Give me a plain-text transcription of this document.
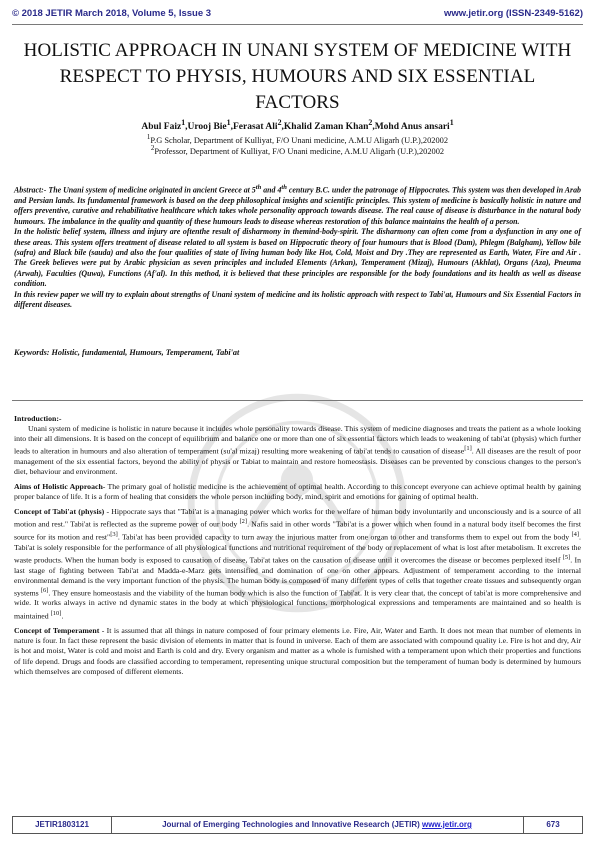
© 2018 JETIR March 2018, Volume 5, Issue 3	www.jetir.org (ISSN-2349-5162)
HOLISTIC APPROACH IN UNANI SYSTEM OF MEDICINE WITH RESPECT TO PHYSIS, HUMOURS AND SIX ESSENTIAL FACTORS
Abul Faiz$^1$,Urooj Bie$^1$,Ferasat Ali$^2$,Khalid Zaman Khan$^2$,Mohd Anus ansari$^1$
$^1$P.G Scholar, Department of Kulliyat, F/O Unani medicine, A.M.U Aligarh (U.P.),202002
$^2$Professor, Department of Kulliyat, F/O Unani medicine, A.M.U Aligarh (U.P.),202002

Abstract:- The Unani system of medicine originated in ancient Greece at 5th and 4th century B.C. under the patronage of Hippocrates. This system was then developed in Arab and Persian lands. Its fundamental framework is based on the deep philosophical insights and scientific principles. This system of medicine is basically holistic in nature and offers preventive, curative and rehabilitative healthcare which takes whole personality approach towards disease. The real cause of disease is disturbance in the natural body humours. The imbalance in the quality and quantity of these humours leads to disease whereas restoration of this balance maintains the health of a person.

In the holistic belief system, illness and injury are oftenthe result of disharmony in themind-body-spirit. The disharmony can often come from a dysfunction in any one of these areas. This system offers treatment of disease related to all system is based on Hippocratic theory of four humours that is Blood (Dam), Phlegm (Balgham), Yellow bile (safra) and Black bile (sauda) and also the four qualities of state of living human body like Hot, Cold, Moist and Dry .They are represented as Earth, Water, Fire and Air . The Greek believes were put by Arabic physician as seven principles and included Elements (Arkan), Temperament (Mizaj), Humours (Akhlat), Organs (Aza), Pneuma (Arwah), Faculties (Quwa), Functions (Af'al). In this method, it is believed that these principles are responsible for the body foundations and its health as well as disease condition.

In this review paper we will try to explain about strengths of Unani system of medicine and its holistic approach with respect to Tabi'at, Humours and Six Essential Factors in different diseases.

Keywords: Holistic, fundamental, Humours, Temperament, Tabi'at

Introduction:-
Unani system of medicine is holistic in nature because it includes whole personality towards disease. This system of medicine diagnoses and treats the patient as a whole looking into their all dimensions. It is based on the concept of equilibrium and balance one or more than one of six essential factors which leads to weakening of tabi'at (physis) which further leads to alteration in humours and also alteration of temperament (su'al mizaj) resulting more weakening of tabi'at tends to causation of disease[1]. All diseases are the result of poor management of the six essential factors, beyond the ability of physis or Tabiat to maintain and restore homeostasis. Diseases can be prevented by conscious changes to the person's diet, behaviour and environment.

Aims of Holistic Approach- The primary goal of holistic medicine is the achievement of optimal health. According to this concept everyone can achieve optimal health by gaining proper balance of life. It is a form of healing that considers the whole person including body, mind, spirit and emotions for gaining of optimal health.

Concept of Tabi'at (physis) - Hippocrate says that "Tabi'at is a managing power which works for the welfare of human body involuntarily and unconsciously and is a source of all motion and rest." Tabi'at is reflected as the supreme power of our body [2]. Nafis said in other words "Tabi'at is a power which when found in a natural body itself becomes the first source for its motion and rest"[3]. Tabi'at has been provided capacity to turn away the injurious matter from one organ to other and transforms them to expel out from the body [4]. Tabi'at is solely responsible for the performance of all physiological functions and nutritional requirement of the body or replacement of what is lost after metabolism. It excretes the waste products. When the human body is exposed to causation of disease, Tabi'at takes on the causation of disease until it overcomes the disease or becomes perplexed itself [5]. In last stage of fighting between Tabi'at and Madda-e-Marz gets intensified and domination of one on other appears. Adjustment of temperament according to the internal environmental demand is the very important function of the physis. The human body is composed of many different types of cells that together create tissues and subsequently organ systems [6]. They ensure homeostasis and the viability of the human body which is also the function of Tabi'at. It is very clear that, the concept of tabi'at is more comprehensive and wide. It works always in active nd dynamic states in the body at which physiological functions, morphological expressions and temperaments are maintained and so health is maintained [10].

Concept of Temperament - It is assumed that all things in nature composed of four primary elements i.e. Fire, Air, Water and Earth. It does not mean that number of elements in nature is four. In fact these represent the basic division of elements in matter that is found in universe. Each of them are associated with compound quality i.e. Fire is hot and dry, Air is hot and moist, Water is cold and moist and Earth is cold and dry. Every organism and matter as a whole is furnished with a temperament upon which their properties and functions of life depend. Drugs and foods are classified according to temperament, representing unique structural composition but the temperament of human body is determined by humours which themselves are composed of different elements.

JETIR1803121	Journal of Emerging Technologies and Innovative Research (JETIR) www.jetir.org	673
